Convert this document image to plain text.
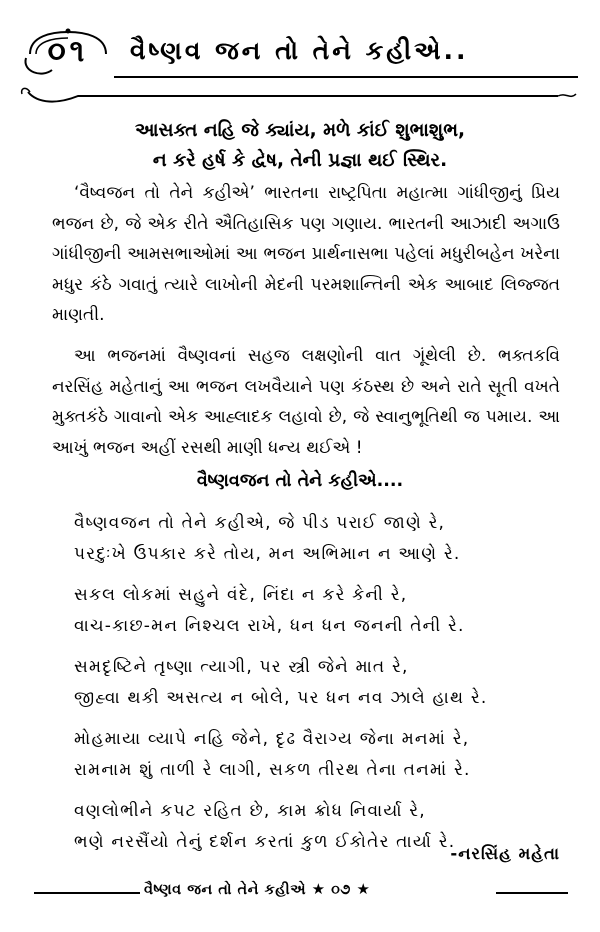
૦૧	વૈષ્ણવ જન તો તેને કહીએ..
આસક્ત નહિ જે ક્યાંય, મળે કાંઈ શુભાશુભ,
ન કરે હર્ષ કે દ્વેષ, તેની પ્રજ્ઞા થઈ સ્થિર.
‘વૈષ્વજન તો તેને કહીએ’ ભારતના રાષ્ટ્રપિતા મહાત્મા ગાંધીજીનું પ્રિય ભજન છે, જે એક રીતે ઐતિહાસિક પણ ગણાય. ભારતની આઝાદી અગાઉ ગાંધીજીની આમસભાઓમાં આ ભજન પ્રાર્થનાસભા પહેલાં મધુરીબહેન ખરેના મધુર કંઠે ગવાતું ત્યારે લાખોની મેદની પરમશાન્તિની એક આબાદ લિજ્જત માણતી.
આ ભજનમાં વૈષ્ણવનાં સહજ લક્ષણોની વાત ગૂંથેલી છે. ભક્તકવિ નરસિંહ મહેતાનું આ ભજન લખવૈયાને પણ કંઠસ્થ છે અને રાતે સૂતી વખતે મુક્તકંઠે ગાવાનો એક આહ્લાદક લહાવો છે, જે સ્વાનુભૂતિથી જ પમાય. આ આખું ભજન અહીં રસથી માણી ધન્ય થઈએ !
વૈષ્ણવજન તો તેને કહીએ....
વૈષ્ણવજન તો તેને કહીએ, જે પીડ પરાઈ જાણે રે,
પરદુઃખે ઉપકાર કરે તોય, મન અભિમાન ન આણે રે.
સકલ લોકમાં સહુને વંદે, નિંદા ન કરે કેની રે,
વાચ-કાછ-મન નિશ્ચલ રાખે, ધન ધન જનની તેની રે.
સમદૃષ્ટિને તૃષ્ણા ત્યાગી, પર સ્ત્રી જેને માત રે,
જીહ્વા થકી અસત્ય ન બોલે, પર ધન નવ ઝાલે હાથ રે.
મોહમાયા વ્યાપે નહિ જેને, દૃઢ વૈરાગ્ય જેના મનમાં રે,
રામનામ શું તાળી રે લાગી, સકળ તીરથ તેના તનમાં રે.
વણલોભીને કપટ રહિત છે, કામ ક્રોધ નિવાર્યા રે,
ભણે નરસૈંયો તેનું દર્શન કરતાં કુળ ઈકોતેર તાર્યા રે.
-નરસિંહ મહેતા
વૈષ્ણવ જન તો તેને કહીએ ★ ૦૭ ★
